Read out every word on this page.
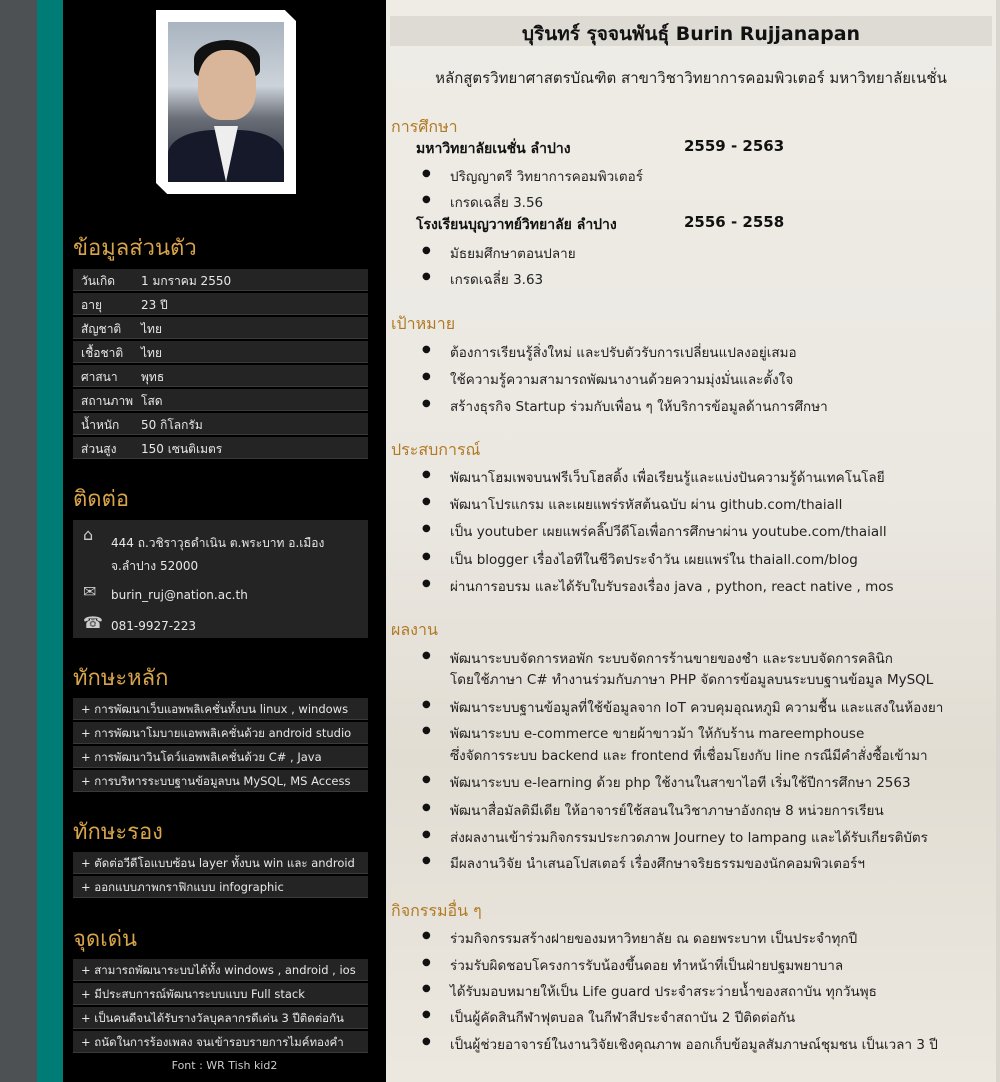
ข้อมูลส่วนตัว
วันเกิด 1 มกราคม 2550
อายุ	23 ปี
สัญชาติ ไทย
เชื้อชาติ ไทย
ศาสนา พุทธ
สถานภาพ โสด
น้ำหนัก 50 กิโลกรัม
ส่วนสูง 150 เซนติเมตร
ติดต่อ
⌂ 444 ถ.วชิราวุธดำเนิน ต.พระบาท อ.เมือง
จ.ลำปาง 52000
✉ burin_ruj@nation.ac.th
☎ 081-9927-223
ทักษะหลัก
+ การพัฒนาเว็บแอพพลิเคชั่นทั้งบน linux , windows
+ การพัฒนาโมบายแอพพลิเคชั่นด้วย android studio
+ การพัฒนาวินโดว์แอพพลิเคชั่นด้วย C# , Java
+ การบริหารระบบฐานข้อมูลบน MySQL, MS Access
ทักษะรอง
+ ตัดต่อวีดีโอแบบซ้อน layer ทั้งบน win และ android
+ ออกแบบภาพกราฟิกแบบ infographic
จุดเด่น
+ สามารถพัฒนาระบบได้ทั้ง windows , android , ios
+ มีประสบการณ์พัฒนาระบบแบบ Full stack
+ เป็นคนดีจนได้รับรางวัลบุคลากรดีเด่น 3 ปีติดต่อกัน
+ ถนัดในการร้องเพลง จนเข้ารอบรายการไมค์ทองคำ
Font : WR Tish kid2
บุรินทร์ รุจจนพันธุ์ Burin Rujjanapan
หลักสูตรวิทยาศาสตรบัณฑิต สาขาวิชาวิทยาการคอมพิวเตอร์ มหาวิทยาลัยเนชั่น
การศึกษา
มหาวิทยาลัยเนชั่น ลำปาง	2559 - 2563
ปริญญาตรี วิทยาการคอมพิวเตอร์
เกรดเฉลี่ย 3.56
โรงเรียนบุญวาทย์วิทยาลัย ลำปาง	2556 - 2558
มัธยมศึกษาตอนปลาย
เกรดเฉลี่ย 3.63
เป้าหมาย
ต้องการเรียนรู้สิ่งใหม่ และปรับตัวรับการเปลี่ยนแปลงอยู่เสมอ
ใช้ความรู้ความสามารถพัฒนางานด้วยความมุ่งมั่นและตั้งใจ
สร้างธุรกิจ Startup ร่วมกับเพื่อน ๆ ให้บริการข้อมูลด้านการศึกษา
ประสบการณ์
พัฒนาโฮมเพจบนฟรีเว็บโฮสติ้ง เพื่อเรียนรู้และแบ่งปันความรู้ด้านเทคโนโลยี
พัฒนาโปรแกรม และเผยแพร่รหัสต้นฉบับ ผ่าน github.com/thaiall
เป็น youtuber เผยแพร่คลิ๊ปวีดีโอเพื่อการศึกษาผ่าน youtube.com/thaiall
เป็น blogger เรื่องไอทีในชีวิตประจำวัน เผยแพร่ใน thaiall.com/blog
ผ่านการอบรม และได้รับใบรับรองเรื่อง java , python, react native , mos
ผลงาน
พัฒนาระบบจัดการหอพัก ระบบจัดการร้านขายของชำ และระบบจัดการคลินิก
โดยใช้ภาษา C# ทำงานร่วมกับภาษา PHP จัดการข้อมูลบนระบบฐานข้อมูล MySQL
พัฒนาระบบฐานข้อมูลที่ใช้ข้อมูลจาก IoT ควบคุมอุณหภูมิ ความชื้น และแสงในห้องยา
พัฒนาระบบ e-commerce ขายผ้าขาวม้า ให้กับร้าน mareemphouse
ซึ่งจัดการระบบ backend และ frontend ที่เชื่อมโยงกับ line กรณีมีคำสั่งซื้อเข้ามา
พัฒนาระบบ e-learning ด้วย php ใช้งานในสาขาไอที เริ่มใช้ปีการศึกษา 2563
พัฒนาสื่อมัลติมีเดีย ให้อาจารย์ใช้สอนในวิชาภาษาอังกฤษ 8 หน่วยการเรียน
ส่งผลงานเข้าร่วมกิจกรรมประกวดภาพ Journey to lampang และได้รับเกียรติบัตร
มีผลงานวิจัย นำเสนอโปสเตอร์ เรื่องศึกษาจริยธรรมของนักคอมพิวเตอร์ฯ
กิจกรรมอื่น ๆ
ร่วมกิจกรรมสร้างฝายของมหาวิทยาลัย ณ ดอยพระบาท เป็นประจำทุกปี
ร่วมรับผิดชอบโครงการรับน้องขึ้นดอย ทำหน้าที่เป็นฝ่ายปฐมพยาบาล
ได้รับมอบหมายให้เป็น Life guard ประจำสระว่ายน้ำของสถาบัน ทุกวันพุธ
เป็นผู้คัดสินกีฬาฟุตบอล ในกีฬาสีประจำสถาบัน 2 ปีติดต่อกัน
เป็นผู้ช่วยอาจารย์ในงานวิจัยเชิงคุณภาพ ออกเก็บข้อมูลสัมภาษณ์ชุมชน เป็นเวลา 3 ปี
